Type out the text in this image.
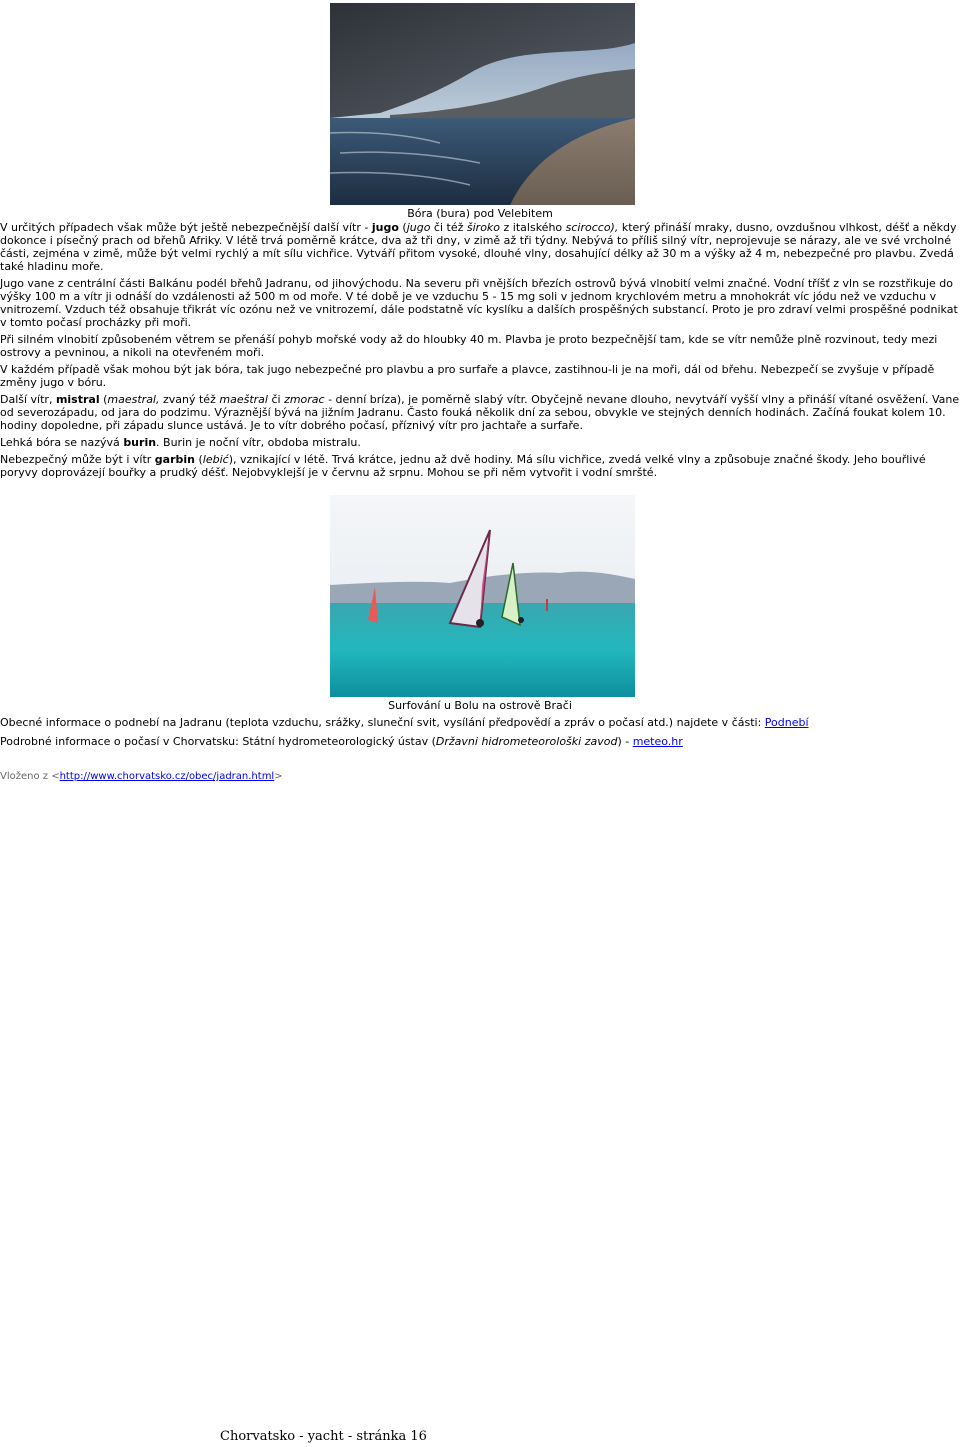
Bóra (bura) pod Velebitem

V určitých případech však může být ještě nebezpečnější další vítr - jugo (jugo či též široko z italského scirocco), který přináší mraky, dusno, ovzdušnou vlhkost, déšť a někdy dokonce i písečný prach od břehů Afriky. V létě trvá poměrně krátce, dva až tři dny, v zimě až tři týdny. Nebývá to příliš silný vítr, neprojevuje se nárazy, ale ve své vrcholné části, zejména v zimě, může být velmi rychlý a mít sílu vichřice. Vytváří přitom vysoké, dlouhé vlny, dosahující délky až 30 m a výšky až 4 m, nebezpečné pro plavbu. Zvedá také hladinu moře.

Jugo vane z centrální části Balkánu podél břehů Jadranu, od jihovýchodu. Na severu při vnějších březích ostrovů bývá vlnobití velmi značné. Vodní tříšť z vln se rozstřikuje do výšky 100 m a vítr ji odnáší do vzdálenosti až 500 m od moře. V té době je ve vzduchu 5 - 15 mg soli v jednom krychlovém metru a mnohokrát víc jódu než ve vzduchu v vnitrozemí. Vzduch též obsahuje třikrát víc ozónu než ve vnitrozemí, dále podstatně víc kyslíku a dalších prospěšných substancí. Proto je pro zdraví velmi prospěšné podnikat v tomto počasí procházky při moři.

Při silném vlnobití způsobeném větrem se přenáší pohyb mořské vody až do hloubky 40 m. Plavba je proto bezpečnější tam, kde se vítr nemůže plně rozvinout, tedy mezi ostrovy a pevninou, a nikoli na otevřeném moři.

V každém případě však mohou být jak bóra, tak jugo nebezpečné pro plavbu a pro surfaře a plavce, zastihnou-li je na moři, dál od břehu. Nebezpečí se zvyšuje v případě změny jugo v bóru.

Další vítr, mistral (maestral, zvaný též maeštral či zmorac - denní bríza), je poměrně slabý vítr. Obyčejně nevane dlouho, nevytváří vyšší vlny a přináší vítané osvěžení. Vane od severozápadu, od jara do podzimu. Výraznější bývá na jižním Jadranu. Často fouká několik dní za sebou, obvykle ve stejných denních hodinách. Začíná foukat kolem 10. hodiny dopoledne, při západu slunce ustává. Je to vítr dobrého počasí, příznivý vítr pro jachtaře a surfaře.

Lehká bóra se nazývá burin. Burin je noční vítr, obdoba mistralu.

Nebezpečný může být i vítr garbin (lebić), vznikající v létě. Trvá krátce, jednu až dvě hodiny. Má sílu vichřice, zvedá velké vlny a způsobuje značné škody. Jeho bouřlivé poryvy doprovázejí bouřky a prudký déšť. Nejobvyklejší je v červnu až srpnu. Mohou se při něm vytvořit i vodní smršté.

Surfování u Bolu na ostrově Brači

Obecné informace o podnebí na Jadranu (teplota vzduchu, srážky, sluneční svit, vysílání předpovědí a zpráv o počasí atd.) najdete v části: Podnebí

Podrobné informace o počasí v Chorvatsku: Státní hydrometeorologický ústav (Državni hidrometeorološki zavod) - meteo.hr

Vloženo z <http://www.chorvatsko.cz/obec/jadran.html>
Chorvatsko - yacht - stránka 16
